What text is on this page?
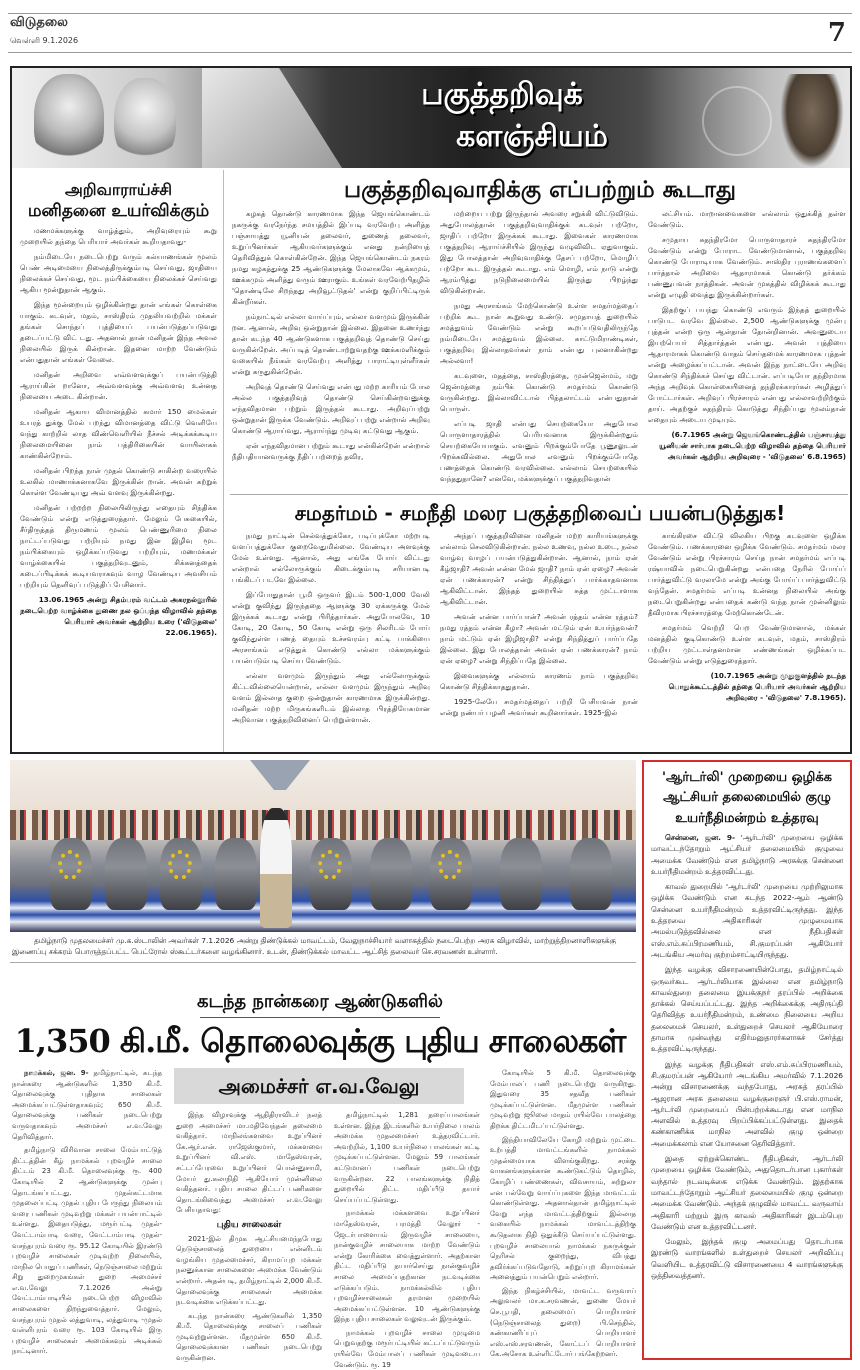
விடுதலை
வெள்ளி 9.1.2026	7
பகுத்தறிவுக்
களஞ்சியம்
அறிவாராய்ச்சி
மனிதனை உயர்விக்கும்

மணமக்களுக்கு வாழ்த்தும், அறிவுரையும் கூறு முறையில் தந்தை பெரியார் அவர்கள் கூறியதாவது-

நம்மிடையே நடைபெற்று வரும் கல்யாணங்கள் மூலம் பெண் அடிமையை நிலைத்திருக்கும்படி செய்வது, ஜாதியை நிலைக்கச் செய்வது, மூட நம்பிக்கையை நிலைக்கச் செய்வது ஆகிய மூன்றுதான் ஆகும்.

இந்த மூன்றையும் ஒழிக்கின்றது தான் எங்கள் கொள்கை யாகும். கடவுள், மதம், சாஸ்திரம் முதலியவற்றில் மக்கள் தங்கள் சொந்தப் புத்தியைப் பயன்படுத்தப்படுவது தடைப்பட்டு விட் டது. அதனால் தான் மனிதன் இந்த அவல நிலையில் இருக் கின்றான். இதனை மாற்ற வேண்டும் என்பதுதான் எங்கள் வேலை.

மனிதன் அறிவை எவ்வளவுக்குப் பயன்படுத்தி ஆராய்கின் றானோ, அவ்வளவுக்கு அவ்வளவு உன்னத நிலையை அடை கின்றான்.

மனிதன் ஆகாய விமானத்தில் சுமார் 150 மைல்கள் உயரத் துக்கு மேல் பறந்து விமானத்தை விட்டு வெளியே வந்து காற்றில் லாத விண்வெளியில் நீச்சல் அடிக்கக்கூடிய நிலைமையினை நாம் பத்திரிகையின் வாயிலாகக் காண்கின்றோம்.

மனிதன் பிறந்த நாள் முதல் கொண்டு சாகின்ற வரையில் உலகில் மாணாக்கனாகவே இருக்கின் றான். அவன் கற்றுக் கொள்ள வேண்டியது அவ் வளவு இருக்கின்றது.

மனிதன் பற்றற்ற நிலையிலிருந்து எதையும் சிந்திக்க வேண்டும் என்று எடுத்துரைத்தார். மேலும் பேசுகையில், சீர்திருத்தத் திருமணம் மூலம் பெண்ணுரிமை நிலை நாட்டப்படுவது பற்றியும் நமது இன இழிவு மூட நம்பிக்கையும் ஒழிக்கப்படுவது பற்றியும், மணமக்கள் வாழ்க்கையில் பகுத்தறிவுடனும், சிக்கனத்தைக் கடைப்பிடிக்கக் கூடியவராகவும் வாழ வேண்டிய அவசியம் பற்றியும் தெளிவுப் படுத்திப் பேசினார்.

13.06.1965 அன்று சிதம்பரம் வட்டம் அகரநல்லூரில் நடைபெற்ற வாழ்க்கை துணை நல ஒப்பந்த விழாவில் தந்தை பெரியார் அவர்கள் ஆற்றிய உரை ('விடுதலை' 22.06.1965).

பகுத்தறிவுவாதிக்கு எப்பற்றும் கூடாது

கழகத் தொண்டு காரணமாக இந்த ஜெயங்கொண்டம் நகருக்கு வரநேர்ந்த சமயத்தில் இப்படி வரவேற்பு அளித்த பஞ்சாயத்து யூனியன் தலைவர், துணைத் தலைவர், உறுப்பினர்கள் ஆகியவர்களுக்கும் எனது நன்றியைத் தெரிவித்துக் கொள்கின்றேன். இந்த ஜெயங்கொண்டம் நகரம் நமது கழகத்துக்கு 25 ஆண்டுகளுக்கு மேலாகவே ஆக்கமும், ஊக்கமும் அளித்து வரும் ஊராகும். உங்கள் வரவேற்பிதழில் 'தொண்டிலே சிறந்தது அறிவூட்டுதல்' என்று குறிப்பிட்டிருக் கின்றீர்கள்.

நம்நாட்டில் எல்லா வாய்ப்பும், எல்லா வளமும் இருக்கின் றன. ஆனால், அறிவு ஒன்றுதான் இல்லை. இதனை உணர்ந்து தான் கடந்த 40 ஆண்டுகளாக பகுத்தறிவுத் தொண்டு செய்து வருகின்றேன். அப்படித் தொண்டாற்றுவதற்கு ஊக்கமளிக்கும் வகையில் நீங்கள் வரவேற்பு அளித்து பாராட்டியுள்ளீர்கள் என்று கருதுகின்றேன்.

அறிவுத் தொண்டு செய்வது என்பது மற்ற காரியம் போல அல்ல பகுத்தறிவுத் தொண்டு செய்கின்றவனுக்கு எந்தவிதமான பற்றும் இருத்தல் கூடாது. அறிவுப்பற்று ஒன்றுதான் இருக்க வேண்டும். அறிவுப் பற்று என்றால் அறிவு கொண்டு ஆராய்வது, ஆராய்ந்து முடிவு கட்டுவது ஆகும்.

ஏன் எந்தவிதமான பற்றும் கூடாது என்கின்றேன் என்றால் நீதிபதியானவருக்கு நீதிப் பற்றைத் தவிர,

மற்றைய பற்று இருந்தால் அவரை சறுக்கி விட்டுவிடும். அதுபோலத்தான் பகுத்தறிவுவாதிக்குக் கடவுள் பற்றோ, ஜாதிப் பற்றோ இருக்கக் கூடாது. இவைகள் காரணமாக பகுத்தறிவு ஆராய்ச்சியில் இருந்து வழுவிவிட ஏதுவாகும். இது போலத்தான் அறிவுவாதிக்கு தேசப் பற்றோ, மொழிப் பற்றோ கூட இருத்தல் கூடாது. எம் மொழி, எம் நாடு என்று ஆரம்பித்து நடுநிலைமையில் இருந்து பிறழ்ந்து விடுகின்றான்.

நமது அரசாங்கம் மேற்கொண்டு உள்ள சமதர்மத்தைப் பற்றிக் கூட நான் கூறுவது உண்டு. சமுதாயத் துறையில் சமத்துவம் வேண்டும் என்று கூறப்படுவதிலிருந்தே நம்மிடையே சமத்துவம் இல்லை. காட்டுமிராண்டிகள், பகுத்தறிவு இல்லாதவர்கள் நாம் என்பது புலனாகின்றது அல்லவா!

கடவுளை, மதத்தை, சாஸ்திரத்தை, முன்ஜென்மம், மறு ஜென்மத்தை நம்பிக் கொண்டு சமதர்மம் கொண்டு வருகின்றது. இல்லாவிட்டால் பித்தலாட்டம் என்பதுதான் பொருள்.

எப்படி ஜாதி என்பது செயற்கையோ அதுபோல பொருளாதாரத்தில் பெரியவனாக இருக்கின்றதும் செயற்கையேயாகும். எவனும் பிறக்கும்போதே பூணூலுடன் பிறக்கவில்லை. அதுபோல எவனும் பிறக்கும்போதே பணத்தைக் கொண்டு வரவில்லை. எல்லாம் செயற்கையில் வந்ததுதானே? எனவே, மக்களுக்குப் பகுத்தறிவுதான்

லட்சியம். மாறானவைகளை எல்லாம் ஒதுக்கித் தள்ள வேண்டும்.

சமுதாய சுதந்திரமோ பொருளாதாரச் சுதந்திரமோ வேண்டும் என்று போராட வேண்டுமானால், பகுத்தறிவு கொண்டு போராடியாக வேண்டும். சாஸ்திர புராணங்களைப் பார்த்தால் அறிவை ஆதாரமாகக் கொண்டு தர்க்கம் பண்ணுபவன் நாத்திகன். அவன் முகத்தில் விழிக்கக் கூடாது என்று எழுதி வைத்து இருக்கின்றார்கள்.

இதற்குப் பயந்து கொண்டு எவரும் இந்தத் துறையில் பாடுபட வரவே இல்லை. 2,500 ஆண்டுகளுக்கு முன்பு புத்தன் என்ற ஒரு ஆள்தான் தோன்றினான். அவனுடைய இயற்பெயர் சித்தார்த்தன் என்பது. அவன் புத்தியை ஆதாரமாகக் கொண்டு வாதம் செய்தமைக் காரணமாக புத்தன் என்று அழைக்கப்பட்டான். அவன் இந்த நாட்டையே அறிவு கொண்டு சிந்திக்கச் செய்து விட்டான். எப்படியோ தந்திரமாக அந்த அறிவுக் கொள்கையினைத் தந்திரக்காரர்கள் அழித்துப் போட்டார்கள். அறிவுப் பிரச்சாரம் என்பது எல்லாவற்றிற்கும் தாய். அதற்குச் சுதந்திரம் கொடுத்து சிந்திப்பது மூலம்தான் எதையும் அடைய முடியும்.

(6.7.1965 அன்று ஜெயங்கொண்டத்தில் பஞ்சாயத்து யூனியன் சார்பாக நடைபெற்ற விழாவில் தந்தை பெரியார் அவர்கள் ஆற்றிய அறிவுரை - 'விடுதலை' 6.8.1965)

சமதர்மம் - சமநீதி மலர பகுத்தறிவைப் பயன்படுத்துக!

நமது நாட்டின் செல்வத்துக்கோ, படிப்புக்கோ மற்றபடி வளப்பத்துக்கோ குறைவேதுமில்லை. வேண்டிய அளவுக்கு மேல் உள்ளது. ஆனால், அது எங்கே போய் விட்டது என்றால் எல்லோருக்கும் கிடைக்கும்படி சரியானபடி பங்கிடப் படவே இல்லை.

இப்போதுதான் பூமி ஒருவர் இடம் 500-1,000 வேலி என்று குவிந்து இருந்ததை ஆளுக்கு 30 ஏக்கருக்கு மேல் இருக்கக் கூடாது என்று பிரித்தார்கள். அதுபோலவே, 10 கோடி, 20 கோடி, 50 கோடி என்று ஒரு சிலரிடம் போய் குவிந்துள்ள பணத் தையும் உச்சவரம்பு கட்டி பாக்கியை அரசாங்கம் எடுத்துக் கொண்டு எல்லா மக்களுக்கும் பயன்படும்படி செய்ய வேண்டும்.

எல்லா வளமும் இருந்தும் அது எல்லோருக்கும் கிட்டவில்லையென்றால், எல்லா வளமும் இருந்தும் அறிவு வளம் இல்லாத குறை ஒன்றுதான் காரணமாக இருக்கின்றது. மனிதன் மற்ற மிருகங்களிடம் இல்லாத பிரத்தியேகமான அறிவான பகுத்தறிவினைப் பெற்றுள்ளான்.

அந்தப் பகுத்தறிவினை மனிதன் மற்ற காரியங்களுக்கு எல்லாம் செலவிடுகின்றான். நல்ல உணவு, நல்ல உடை, நல்ல வாழ்வு வாழப் பயன்படுத்துகின்றான். ஆனால், நாம் ஏன் கீழ்ஜாதி? அவன் என்ன மேல் ஜாதி? நாம் ஏன் ஏழை? அவன் ஏன் பணக்காரன்? என்று சிந்தித்துப் பார்க்காதவனாக ஆகிவிட்டான். இந்தத் துறையில் சுத்த முட்டாளாக ஆகிவிட்டான்.

அவன் என்ன பார்ப்பான்? அவன் ரத்தம் என்ன ரத்தம்? நமது ரத்தம் என்ன கீழா? அவன் மட்டும் ஏன் உயர்ந்தவன்? நாம் மட்டும் ஏன் இழிஜாதி? என்று சிந்தித்துப் பார்ப்பதே இல்லை. இது போலத்தான் அவன் ஏன் பணக்காரன்? நாம் ஏன் ஏழை? என்று சிந்திப்பதே இல்லை.

இவைகளுக்கு எல்லாம் காரணம் நாம் பகுத்தறிவு கொண்டு சிந்திக்காததுதான்.

1925-லேயே சமதர்மத்தைப் பற்றி பேசியவன் நான் என்று நண்பர் பழனி அவர்கள் கூறினார்கள். 1925-இல்

காங்கிரசை விட்டு விலகிய பிறகு கடவுளை ஒழிக்க வேண்டும். பணக்காரனை ஒழிக்க வேண்டும். சமதர்மம் மலர வேண்டும் என்று பிரச்சாரம் செய்த நான் சமதர்மம் எப்படி ரஷ்யாவில் நடைபெறுகின்றது என்பதை நேரில் போய்ப் பார்த்துவிட்டு வரலாமே என்று அங்கு போய்ப் பார்த்துவிட்டு வந்தேன். சமதர்மம் எப்படி உன்னத நிலையில் அங்கு நடைபெறுகின்றது என்பதைக் கண்டு வந்த நான் முன்னிலும் தீவிரமாக பிரச்சாரத்தை மேற்கொண்டேன்.

சமதர்மம் வெற்றி பெற வேண்டுமானால், மக்கள் மனத்தில் குடிகொண்டு உள்ள கடவுள், மதம், சாஸ்திரம் பற்றிய முட்டாள்தனமான எண்ணங்கள் ஒழிக்கப்பட வேண்டும் என்று எடுத்துரைத்தார்.

(10.7.1965 அன்று முதுகுளத்தில் நடந்த பொதுக்கூட்டத்தில் தந்தை பெரியார் அவர்கள் ஆற்றிய அறிவுரை - 'விடுதலை' 7.8.1965).

தமிழ்நாடு முதலமைச்சர் மு.க.ஸ்டாலின் அவர்கள் 7.1.2026 அன்று திண்டுக்கல் மாவட்டம், வேலுநாச்சியார் வளாகத்தில் நடைபெற்ற அரசு விழாவில், மாற்றுத்திறனாளிகளுக்கு இணைப்பு சக்கரம் பொருத்தப்பட்ட பெட்ரோல் ஸ்கூட்டர்களை வழங்கினார். உடன், திண்டுக்கல் மாவட்ட ஆட்சித் தலைவர் செ.சரவணன் உள்ளார்.
கடந்த நான்கரை ஆண்டுகளில்
1,350 கி.மீ. தொலைவுக்கு புதிய சாலைகள்

நாமக்கல், ஜன. 9- தமிழ்நாட்டில், கடந்த நான்கரை ஆண்டுகளில் 1,350 கி.மீ. தொலைவுக்கு புதிதாக சாலைகள் அமைக்கப்பட்டுள்ளதாகவும்; 650 கி.மீ. தொலைவுக்கு பணிகள் நடைபெற்று வருவதாகவும் அமைச்சர் எ.வ.வேலு தெரிவித்தார்.

தமிழ்நாடு விரிவான சாலை மேம்பாட்டுத் திட்டத்தின் கீழ் நாமக்கல் புறவழிச் சாலை திட்டம் 23 கி.மீ. தொலைவுக்கு ரூ. 400 கோடியில் 2 ஆண்டுகளுக்கு முன்பு தொடங்கப்பட்டது. முதல்கட்டமாக முதலைப்பட்டி முதல் புதிய பேருந்து நிலையம் வரை பணிகள் முடிவுற்று மக்கள் பயன்பாட்டில் உள்ளது. இதையடுத்து, மரூர்பட்டி முதல்- வேட்டாம்பாடி வரை, வேட்டாம்பாடி முதல்- வசந்தபுரம் வரை ரூ. 95.12 கோடியில் இரண்டு புறவழிச் சாலைகள் முடிவுற்ற நிலையில், மாநில பொதுப் பணிகள், நெடுஞ்சாலை மற்றும் சிறு துறைமுகங்கள் துறை அமைச்சர் எ.வ.வேலு 7.1.2026 அன்று வேட்டாம்பாடியில் நடைபெற்ற விழாவில் சாலைகளை திறந்துவைத்தார். மேலும், வசந்தபுரம் முதல் லத்துவாடி, லத்துவாடி -முதல் வள்ளிபுரம் வரை ரூ. 103 கோடியில் இரு புறவழிச் சாலைகள் அமைக்கவும் அடிக்கல் நாட்டினார்.

இந்த விழாவுக்கு ஆதிதிராவிடர் நலத் துறை அமைச்சர் மா.மதிவேந்தன் தலைமை வகித்தார். மாநிலங்களவை உறுப்பினர் கே.ஆர்.என். ராஜேஸ்குமார், மக்களவை உறுப்பினர் வி.எஸ். மாதேஸ்வரன், சட்டப்பேரவை உறுப்பினர் பொன்னுசாமி, மேயர் து.கலாநிதி ஆகியோர் முன்னிலை வகித்தனர். புதிய சாலை திட்டப் பணிகளை தொடங்கிவைத்து அமைச்சர் எ.வ.வேலு பேசியதாவது:

புதிய சாலைகள்

2021-இல் திமுக ஆட்சியமைந்தபோது நெடுஞ்சாலைத் துறையை என்னிடம் வழங்கிய முதலமைச்சர், கிராமப்புற மக்கள் நலனுக்கான சாலைகளை அமைக்க வேண்டும் என்றார். அதன்படி, தமிழ்நாட்டில் 2,000 கி.மீ. தொலைவுக்கு சாலைகள் அமைக்க நடவடிக்கை எடுக்கப்பட்டது.

கடந்த நான்கரை ஆண்டுகளில் 1,350 கி.மீ. தொலைவுக்கு சாலைப் பணிகள் முடிவுற்றுள்ளன. மீதமுள்ள 650 கி.மீ. தொலைவுக்கான பணிகள் நடைபெற்று வருகின்றன.

தமிழ்நாட்டில் 1,281 தரைப்பாலங்கள் உள்ளன. இந்த இடங்களில் உயர்நிலை பாலம் அமைக்க முதலமைச்சர் உத்தரவிட்டார். அவற்றில், 1,100 உயர்நிலை பாலங்கள் கட்டி முடிக்கப்பட்டுள்ளன. மேலும் 59 பாலங்கள் கட்டுமானப் பணிகள் நடைபெற்று வருகின்றன. 22 பாலங்களுக்கு நிதித் துறையில் திட்ட மதிப்பீடு தயார் செய்யப்பட்டுள்ளது.

நாமக்கல் மக்களவை உறுப்பினர் மாதேஸ்வரன், பரமத்தி வேலூர் - ஜேடர்பாளையம் இருவழிச் சாலையை, நான்குவழிச் சாலையாக மாற்ற வேண்டும் என்று கோரிக்கை வைத்துள்ளார். அதற்கான திட்ட மதிப்பீடு தயார்செய்து நான்குவழிச் சாலை அமைப்பதற்கான நடவடிக்கை எடுக்கப்படும். நாமக்கல்லில் புதிய புறவழிச்சாலைகள் தரமான முறையில் அமைக்கப்பட்டுள்ளன. 10 ஆண்டுகளுக்கு இந்த புதிய சாலைகள் வலுவுடன் இருக்கும்.

நாமக்கல் புறவழிச் சாலை முழுமை பெறுவதற்கு மரூர்பட்டியில் கட்டப்பட்டுவரும் ரயில்வே மேம்பாலப் பணிகள் முடிவடைய வேண்டும். ரூ. 19

கோடியில் 5 கி.மீ. தொலைவுக்கு மேம்பாலப் பணி நடைபெற்று வருகிறது. இதுவரை 35 சதவீத பணிகள் முடிக்கப்பட்டுள்ளன. மீதமுள்ள பணிகள் முடிவுற்று ஜூலை மாதம் ரயில்வே பாலத்தை திறக்க திட்டமிடப்பட்டுள்ளது.

இந்தியாவிலேயே கோழி மற்றும் முட்டை உற்பத்தி மாவட்டங்களில் நாமக்கல் முதன்மையாக விளங்குகிறது. சரக்கு வாகனங்களுக்கான கூண்டுகட்டும் தொழில், கோழிப் பண்ணைகள், விவசாயம், சுற்றுலா என பல்வேறு வாய்ப்புகளை இந்த மாவட்டம் கொண்டுள்ளது. அதனால்தான் தமிழ்நாட்டில் வேறு எந்த மாவட்டத்திற்கும் இல்லாத வகையில் நாமக்கல் மாவட்டத்திற்கு கூடுதலாக நிதி ஒதுக்கீடு செய்யப்பட்டுள்ளது. புறவழிச் சாலையால் நாமக்கல் நகருக்குள் நெரிசல் குறைந்து, விபத்து தவிர்க்கப்படுவதோடு, சுற்றுப்புற கிராமங்கள் அனைத்தும் பயன்பெறும் என்றார்.

இந்த நிகழ்ச்சியில், மாவட்ட வருவாய் அலுவலர் மா.க.சரவணன், துணை மேயர் செ.பூபதி, தலைமைப் பொறியாளர் (நெடுஞ்சாலைத் துறை) பி.செந்தில், கண்காணிப்புப் பொறியாளர் எஸ்.எஸ்.சரவணன், கோட்டப் பொறியாளர் கே.அசோக உள்ளிட்டோர் பங்கேற்றனர்.

அமைச்சர் எ.வ.வேலு
'ஆர்டர்லி' முறையை ஒழிக்க
ஆட்சியர் தலைமையில் குழு
உயர்நீதிமன்றம் உத்தரவு

சென்னை, ஜன. 9- 'ஆர்டர்லி' முறையை ஒழிக்க மாவட்டந்தோறும் ஆட்சியர் தலைமையில் குழுவை அமைக்க வேண்டும் என தமிழ்நாடு அரசுக்கு சென்னை உயர்நீதிமன்றம் உத்தரவிட்டது.

காவல் துறையில் 'ஆர்டர்லி' முறையை முற்றிலுமாக ஒழிக்க வேண்டும் என கடந்த 2022-ஆம் ஆண்டு சென்னை உயர்நீதிமன்றம் உத்தரவிட்டிருந்தது. இந்த உத்தரவை அதிகாரிகள் முழுமையாக அமல்படுத்தவில்லை என நீதிபதிகள் எஸ்.எம்.சுப்பிரமணியம், சி.குமரப்பன் ஆகியோர் அடங்கிய அமர்வு குற்றம்சாட்டியிருந்தது.

இந்த வழக்கு விசாரணையின்போது, தமிழ்நாட்டில் ஒருவர்கூட ஆர்டர்லியாக இல்லை என தமிழ்நாடு காவல்துறை தலைமை இயக்குநர் தரப்பில் அறிக்கை தாக்கல் செய்யப்பட்டது. இந்த அறிக்கைக்கு அதிருப்தி தெரிவித்த உயர்நீதிமன்றம், உண்மை நிலையை அறிய தலைமைச் செயலர், உள்துறைச் செயலர் ஆகியோரை தாமாக முன்வந்து எதிர்மனுதாரர்களாகச் சேர்த்து உத்தரவிட்டிருந்தது.

இந்த வழக்கு நீதிபதிகள் எஸ்.எம்.சுப்பிரமணியம், சி.குமரப்பன் ஆகியோர் அடங்கிய அமர்வில் 7.1.2026 அன்று விசாரணைக்கு வந்தபோது, அரசுத் தரப்பில் ஆஜரான அரசு தலைமை வழக்குரைஞர் பி.எஸ்.ராமன், ஆர்டர்லி முறையைப் பின்பற்றக்கூடாது என மாநில அளவில் உத்தரவு பிறப்பிக்கப்பட்டுள்ளது. இதைக் கண்காணிக்க மாநில அளவில் குழு ஒன்றை அமைக்கலாம் என யோசனை தெரிவித்தார்.

இதை ஏற்றுக்கொண்ட நீதிபதிகள், ஆர்டர்லி முறையை ஒழிக்க வேண்டும், அதுதொடர்பான புகார்கள் வந்தால் நடவடிக்கை எடுக்க வேண்டும். இதற்காக மாவட்டந்தோறும் ஆட்சியர் தலைமையில் குழு ஒன்றை அமைக்க வேண்டும். அந்தக் குழுவில் மாவட்ட வருவாய் அதிகாரி மற்றும் இரு காவல் அதிகாரிகள் இடம்பெற வேண்டும் என உத்தரவிட்டனர்.

மேலும், இந்தக் குழு அமைப்பது தொடர்பாக இரண்டு வாரங்களில் உள்துறைச் செயலர் அறிவிப்பு வெளியிட உத்தரவிட்டு விசாரணையை 4 வாரங்களுக்கு ஒத்திவைத்தனர்.
